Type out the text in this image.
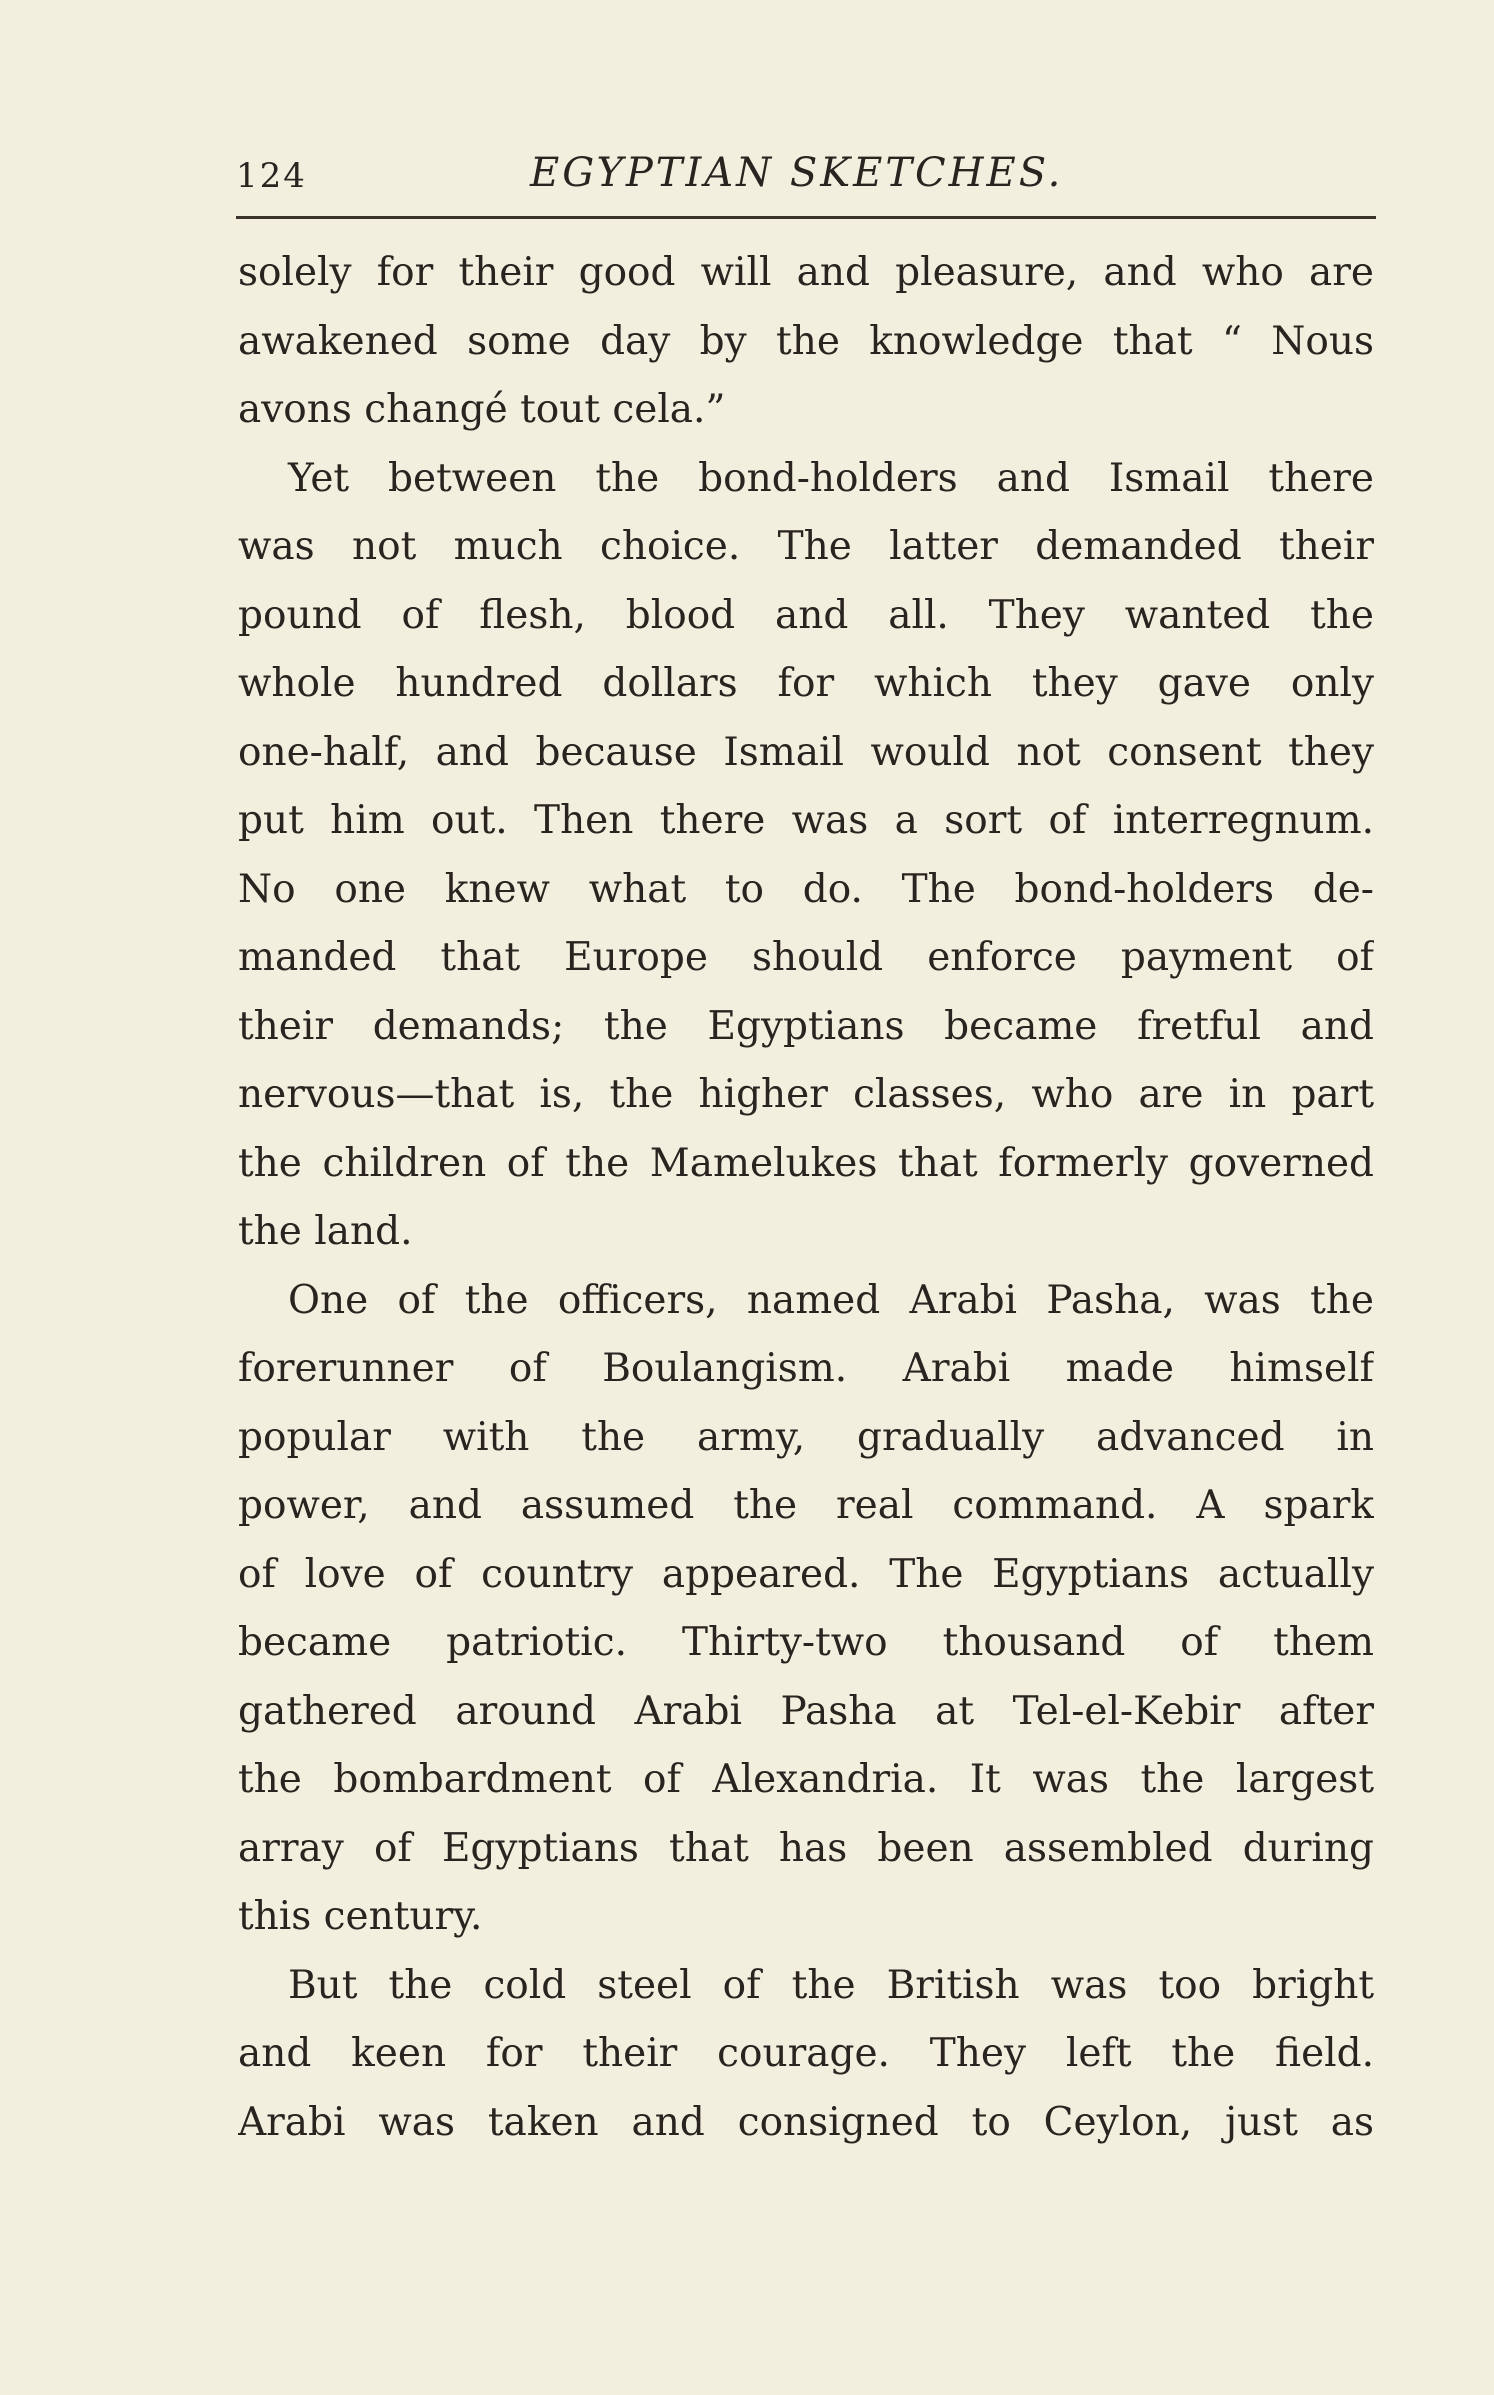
124	EGYPTIAN SKETCHES.
solely for their good will and pleasure, and who are
awakened some day by the knowledge that “ Nous
avons changé tout cela.”
Yet between the bond-holders and Ismail there
was not much choice. The latter demanded their
pound of flesh, blood and all. They wanted the
whole hundred dollars for which they gave only
one-half, and because Ismail would not consent they
put him out. Then there was a sort of interregnum.
No one knew what to do. The bond-holders de-
manded that Europe should enforce payment of
their demands; the Egyptians became fretful and
nervous—that is, the higher classes, who are in part
the children of the Mamelukes that formerly governed
the land.
One of the officers, named Arabi Pasha, was the
forerunner of Boulangism. Arabi made himself
popular with the army, gradually advanced in
power, and assumed the real command. A spark
of love of country appeared. The Egyptians actually
became patriotic. Thirty-two thousand of them
gathered around Arabi Pasha at Tel-el-Kebir after
the bombardment of Alexandria. It was the largest
array of Egyptians that has been assembled during
this century.
But the cold steel of the British was too bright
and keen for their courage. They left the field.
Arabi was taken and consigned to Ceylon, just as
